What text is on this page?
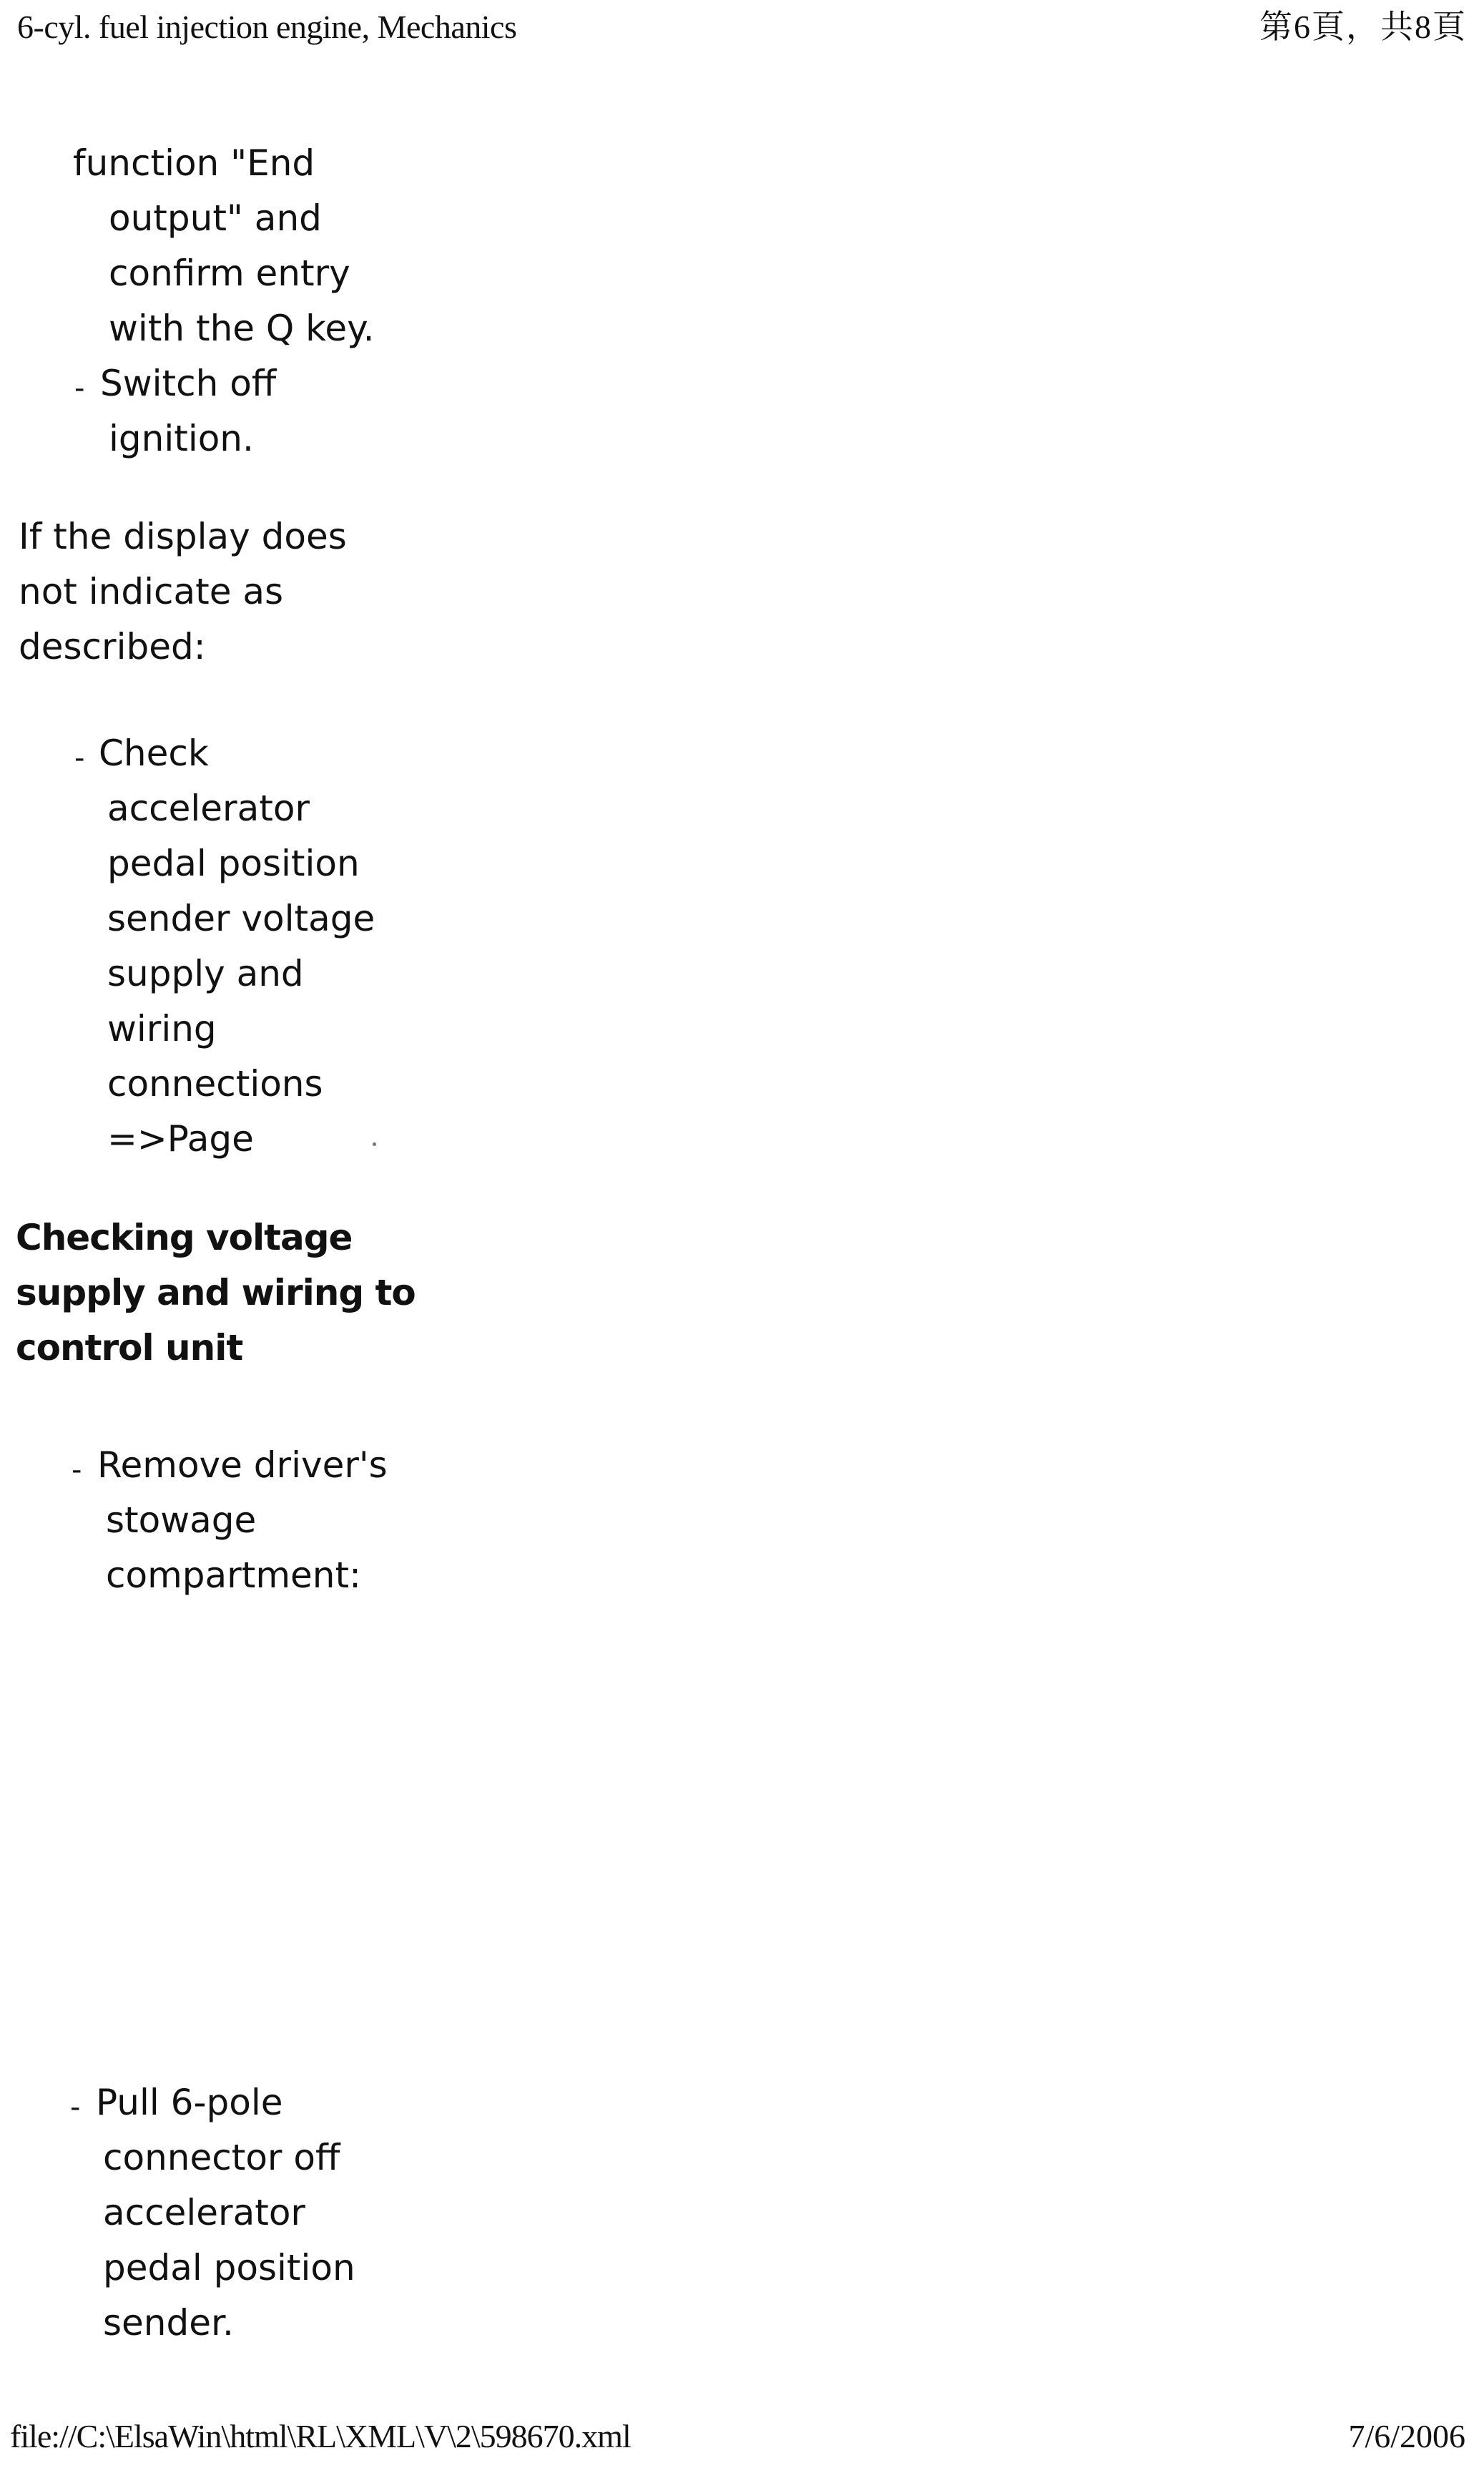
6-cyl. fuel injection engine, Mechanics	第6頁，共8頁
function "End
output" and
confirm entry
with the Q key.
- Switch off
ignition.
If the display does
not indicate as
described:
- Check
accelerator
pedal position
sender voltage
supply and
wiring
connections
=>Page
Checking voltage
supply and wiring to
control unit
- Remove driver's
stowage
compartment:
- Pull 6-pole
connector off
accelerator
pedal position
sender.
file://C:\ElsaWin\html\RL\XML\V\2\598670.xml	7/6/2006
